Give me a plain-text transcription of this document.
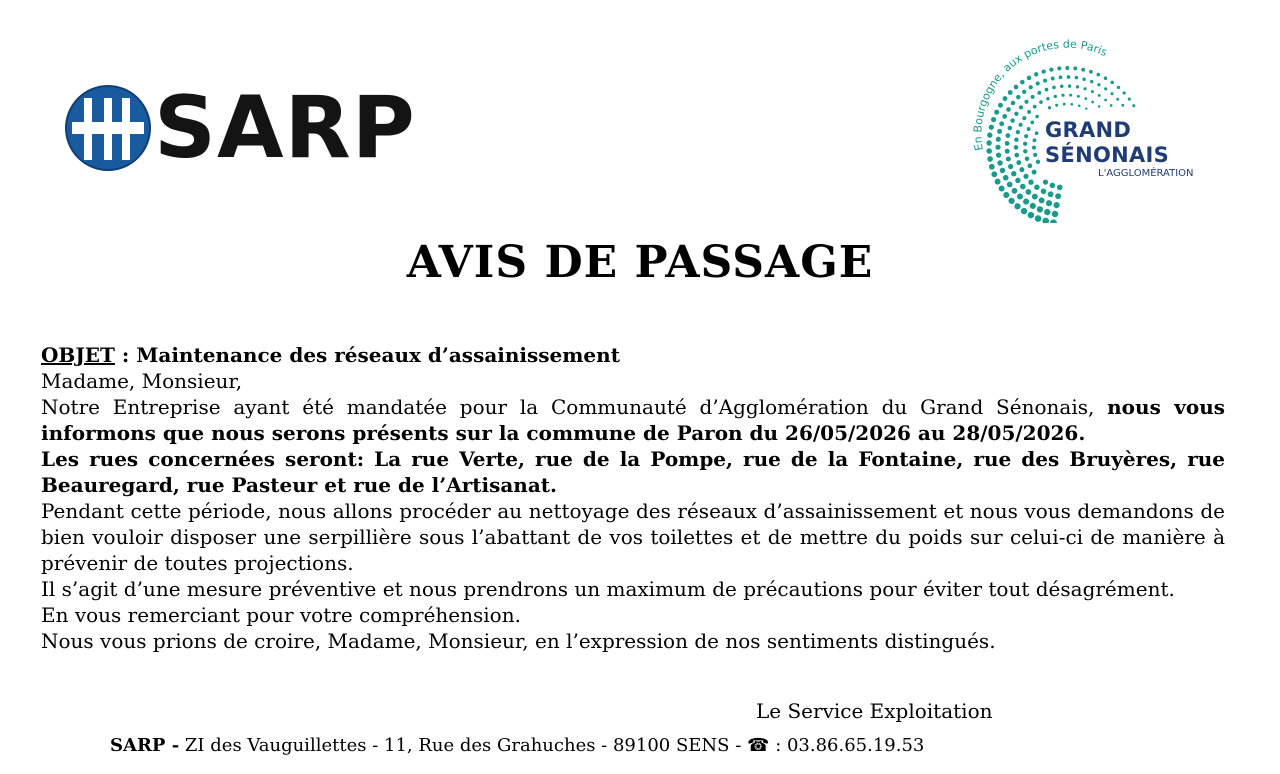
SARP	En Bourgogne, aux portes de Paris
GRAND
SÉNONAIS
L'AGGLOMÉRATION
AVIS DE PASSAGE

OBJET : Maintenance des réseaux d’assainissement

Madame, Monsieur,

Notre Entreprise ayant été mandatée pour la Communauté d’Agglomération du Grand Sénonais, nous vous informons que nous serons présents sur la commune de Paron du 26/05/2026 au 28/05/2026.

Les rues concernées seront: La rue Verte, rue de la Pompe, rue de la Fontaine, rue des Bruyères, rue Beauregard, rue Pasteur et rue de l’Artisanat.

Pendant cette période, nous allons procéder au nettoyage des réseaux d’assainissement et nous vous demandons de bien vouloir disposer une serpillière sous l’abattant de vos toilettes et de mettre du poids sur celui-ci de manière à prévenir de toutes projections.

Il s’agit d’une mesure préventive et nous prendrons un maximum de précautions pour éviter tout désagrément.

En vous remerciant pour votre compréhension.

Nous vous prions de croire, Madame, Monsieur, en l’expression de nos sentiments distingués.

Le Service Exploitation
SARP - ZI des Vauguillettes - 11, Rue des Grahuches - 89100 SENS - ☎ : 03.86.65.19.53
